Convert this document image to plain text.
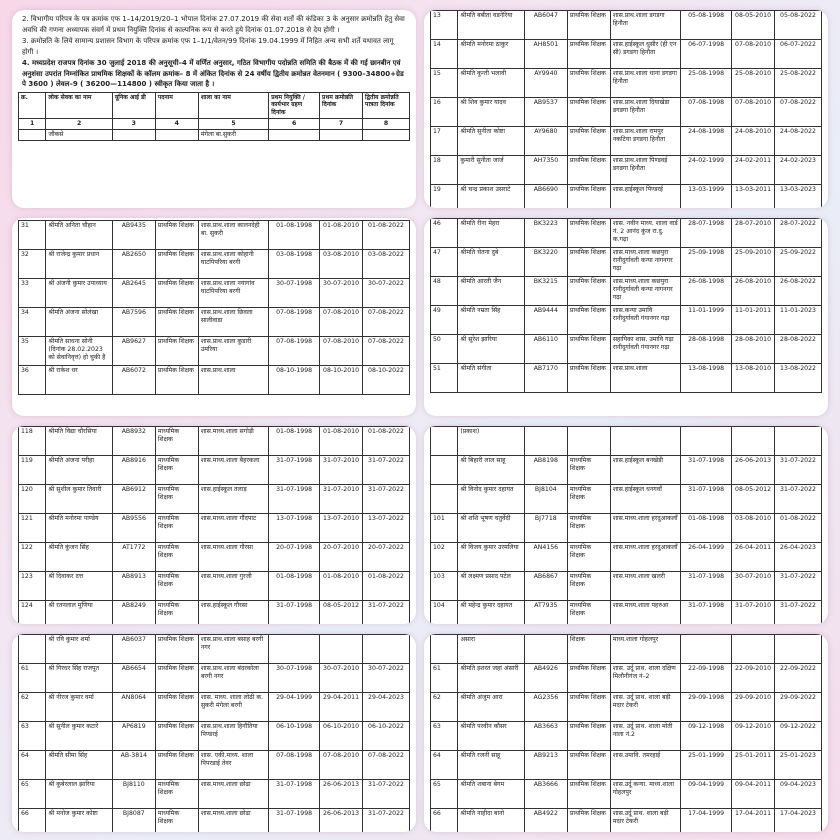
2. विभागीय परिपत्र के पत्र क्रमांक एफ 1–14/2019/20–1 भोपाल दिनांक 27.07.2019 की सेवा शर्तो की कंडिका 3 के अनुसार क्रमोन्नति हेतु सेवा अवधि की गणना अध्यापक संवर्ग में प्रथम नियुक्ति दिनांक से काल्पनिक रूप से करते हुये दिनांक 01.07.2018 से देय होगी ।

3. क्रमोन्नति के लिये सामान्य प्रशासन विभाग के परिपत्र क्रमांक एफ 1–1/1/वेतन/99 दिनांक 19.04.1999 में निहित अन्य सभी शर्ते यथावत लागू होगी ।

4. मध्यप्रदेश राजपत्र दिनांक 30 जुलाई 2018 की अनुसूची–4 में वर्णित अनुसार, गठित विभागीय पदोन्नति समिति की बैठक में की गई छानबीन एवं अनुशंसा उपरांत निम्नांकित प्राथमिक शिक्षकों के कॉलम क्रमांक– 8 में अंकित दिनांक से 24 वर्षीय द्वितीय क्रमोन्नत वेतनमान ( 9300–34800+ग्रेड पे 3600 ) लेवल–9 ( 36200—114800 ) स्वीकृत किया जाता है ।

क्र.	लोक सेवक का नाम	यूनिक आई डी	पदनाम	शाला का नाम	प्रथम नियुक्ति / कार्यभार ग्रहण दिनांक	प्रथम क्रमोन्नति दिनांक	द्वितीय क्रमोन्नति पात्रता दिनांक
1	2	3	4	5	6	7	8
	जौकसे			मंगेला बा.सुकरी			
13	श्रीमति बबीता वडनेरिया	AB6047	प्राथमिक शिक्षक	शास.प्राथ.शाला डगडगा हिनौता	05-08-1998	08-05-2010	05-08-2022
14	श्रीमति मनोरमा ठाकुर	AH8501	प्राथमिक शिक्षक	शास.हाईस्कूल धुसीर (ही एन सी) डगडगा हिनौता	06-07-1998	07-08-2010	06-07-2022
15	श्रीमति कुन्ती भलावी	AY9940	प्राथमिक शिक्षक	शास.प्राथ.शाला धाना डगडगा हिनौता	25-08-1998	25-08-2010	25-08-2022
16	श्री शिव कुमार यादव	AB9537	प्राथमिक शिक्षक	शास.प्राथ.शाला दियाखेडा डगडगा हिनौता	07-08-1998	07-08-2010	07-08-2022
17	श्रीमति सुनीता कोष्टा	AY9680	प्राथमिक शिक्षक	शास.प्राथ.शाला रामपुर नकटिया डगडगा हिनौता	24-08-1998	24-08-2010	24-08-2022
18	कुमारी सुनीता जार्ज	AH7350	प्राथमिक शिक्षक	शास.प्राथ.शाला पिण्डवई डगडगा हिनौता	24-02-1999	24-02-2011	24-02-2023
19	श्री चन्द्र प्रकाश उसराटे	AB6690	प्राथमिक शिक्षक	शास.हाईस्कूल पिण्डरई	13-03-1999	13-03-2011	13-03-2023
31	श्रीमति अनिता चौहान	AB9435	प्राथमिक शिक्षक	शास.प्राथ.शाला कालनदेही बा. सुकरी	01-08-1998	01-08-2010	01-08-2022
32	श्री राजेन्द्र कुमार प्रधान	AB2650	प्राथमिक शिक्षक	शास.प्राथ.शाला कोहानी घाटपिपरिया बरगी	03-08-1998	03-08-2010	03-08-2022
33	श्री अंजनी कुमार उपाध्याय	AB2645	प्राथमिक शिक्षक	शास.प्राथ.शाला नयागांव घाटपिपरिया बरगी	30-07-1998	30-07-2010	30-07-2022
34	श्रीमति अंजना सोलंखा	AB7596	प्राथमिक शिक्षक	शास.प्राथ.शाला छिवला सालीवाडा	07-08-1998	07-08-2010	07-08-2022
35	श्रीमति साधना सोनी (दिनांक 28.02.2023 को सेवानिवृत्त) हो चुकी है	AB9627	प्राथमिक शिक्षक	शास.प्राथ.शाला कुडारी उमरिया	07-08-1998	07-08-2010	07-08-2022
36	श्री राकेश धर	AB6072	प्राथमिक शिक्षक	शास.प्राथ.शाला	08-10-1998	08-10-2010	08-10-2022
46	श्रीमति रीना मेहरा	BK3223	प्राथमिक शिक्षक	शास. नवीन माध्य. शाला वार्ड नं. 2 आनंद कुंज रा.दु. क.गढ़ा	28-07-1998	28-07-2010	28-07-2022
47	श्रीमति चेतना दुबे	BK3220	प्राथमिक शिक्षक	शास.माध्य.शाला कछपुरा रानीदुर्गावती कन्या नागनगर गढ़ा	25-09-1998	25-09-2010	25-09-2022
48	श्रीमति आरती जैन	BK3215	प्राथमिक शिक्षक	शास.माध्य.शाला कछपुरा रानीदुर्गावती कन्या नागनगर गढ़ा	26-08-1998	26-08-2010	26-08-2022
49	श्रीमति नम्रता सिंह	AB9444	प्राथमिक शिक्षक	शास.कन्या उमावि रानीदुर्गावती गंगानगर गढ़ा	11-01-1999	11-01-2011	11-01-2023
50	श्री सुरेश झारिया	AB6110	प्राथमिक शिक्षक	सहायिका शास. उमावि गढ़ा रानीदुर्गावती गंगानगर गढ़ा	28-08-1998	28-08-2010	28-08-2022
51	श्रीमति संगीता	AB7170	प्राथमिक शिक्षक	शास.प्राथ.शाला	13-08-1998	13-08-2010	13-08-2022
118	श्रीमति विद्या चौरसिया	AB8932	माध्यमिक शिक्षक	शास.माध्य.शाला सगोड़ी	01-08-1998	01-08-2010	01-08-2022
119	श्रीमति अंजना परीहा	AB8916	माध्यमिक शिक्षक	शास.माध्य.शाला बैहरकला	31-07-1998	31-07-2010	31-07-2022
120	श्री सुशील कुमार तिवारी	AB6912	माध्यमिक शिक्षक	शास.हाईस्कूल तलाड़	31-07-1998	31-07-2010	31-07-2022
121	श्रीमति मनोरमा पाण्डेय	AB9556	माध्यमिक शिक्षक	शास.माध्य.शाला गौंदपाट	13-07-1998	13-07-2010	13-07-2022
122	श्रीमति कुंजन सिंह	AT1772	माध्यमिक शिक्षक	शास.माध्य.शाला गौरसा	20-07-1998	20-07-2010	20-07-2022
123	श्री दिवाकर दत्त	AB8913	माध्यमिक शिक्षक	शास.माध्य.शाला गुरजी	01-08-1998	01-08-2010	01-08-2022
124	श्री रतनलाल मुणिया	AB8249	माध्यमिक शिक्षक	शास.हाईस्कूल गौरसा	31-07-1998	08-05-2012	31-07-2022

	(प्रकाश)						
	श्री बिहारी लाल साहू	AB8198	माध्यमिक शिक्षक	शास.हाईस्कूल बनखेडी	31-07-1998	26-06-2013	31-07-2022
	श्री विनोद कुमार दहायत	BJ8104	माध्यमिक शिक्षक	शास.हाईस्कूल धनगवाँ	31-07-1998	08-05-2012	31-07-2022
101	श्री शशि भूषण चतुर्वेदी	BJ7718	माध्यमिक शिक्षक	शास.माध्य.शाला हरदुआकलाँ	01-08-1998	03-08-2010	01-08-2022
102	श्री विजय कुमार उरमलिया	AN4156	माध्यमिक शिक्षक	शास.माध्य.शाला हरदुआकलाँ	26-04-1999	26-04-2011	26-04-2023
103	श्री लक्ष्मण प्रसाद पटेल	AB6867	माध्यमिक शिक्षक	शास.माध्य.शाला खलरी	31-07-1998	30-07-2010	31-07-2022
104	श्री महेन्द्र कुमार दहायत	AT7935	माध्यमिक शिक्षक	शास.माध्य.शाला पहरुआ	31-07-1998	31-07-2010	31-07-2022

	श्री रवि कुमार शर्मा	AB6037	प्राथमिक शिक्षक	शास.प्राथ.शाला बसाह बरगी नगर			
61	श्री गिरधर सिंह राजपूत	AB6654	प्राथमिक शिक्षक	शास.प्राथ.शाला बंदरकोला बरगी नगर	30-07-1998	30-07-2010	30-07-2022
62	श्री नीरज कुमार वर्मा	AN8064	प्राथमिक शिक्षक	शास. माध्य. शाला लोढी क. सुकरी मंगेला बरगी	29-04-1999	29-04-2011	29-04-2023
63	श्री सुनील कुमार कटारे	AP6819	प्राथमिक शिक्षक	शास.प्राथ.शाला हिनौतिया पिण्डरई	06-10-1998	06-10-2010	06-10-2022
64	श्रीमति सीमा सिंह	AB-3814	प्राथमिक शिक्षक	शास. एकी.माध्य. शाला पिपरडाई तेवर	07-08-1998	07-08-2010	07-08-2022
65	श्री कुबेरलाल झारिया	BJ8110	माध्यमिक शिक्षक	शास.माध्य.शाला छोढा	31-07-1998	26-06-2013	31-07-2022
66	श्री मनोज कुमार कोष्टा	BJ8087	माध्यमिक शिक्षक	शास.माध्य.शाला छोढा	31-07-1998	26-06-2013	31-07-2022

	असारा		शिक्षक	माध्य.शाला गोहलपुर			
61	श्रीमति इशरत जहां अंसारी	AB4926	प्राथमिक शिक्षक	शास. उर्दू प्राथ. शाला दक्षिण मिलौनीगंज नं–2	22-09-1998	22-09-2010	22-09-2022
62	श्रीमति अंजुम आरा	AG2356	प्राथमिक शिक्षक	शास. उर्दू प्राथ. शाला बड़ी मदार टेकरी	29-09-1998	29-09-2010	29-09-2022
63	श्रीमति परवीन कौसर	AB3663	प्राथमिक शिक्षक	शास. उर्दू प्राथ. शाला मोती नाला नं.2	09-12-1998	09-12-2010	09-12-2022
64	श्रीमति रजनी साहू	AB9213	प्राथमिक शिक्षक	शास.उमावि. तमरहाई	25-01-1999	25-01-2011	25-01-2023
65	श्रीमति शबाना बेगम	AB3666	प्राथमिक शिक्षक	शास.उर्दू कन्या. माध्य.शाला गोहलपुर	09-04-1999	09-04-2011	09-04-2023
66	श्रीमति नाहीदा बानो	AB4922	प्राथमिक शिक्षक	शास.उर्दू प्राथ. शाला बड़ी मदार टेकरी	17-04-1999	17-04-2011	17-04-2023
